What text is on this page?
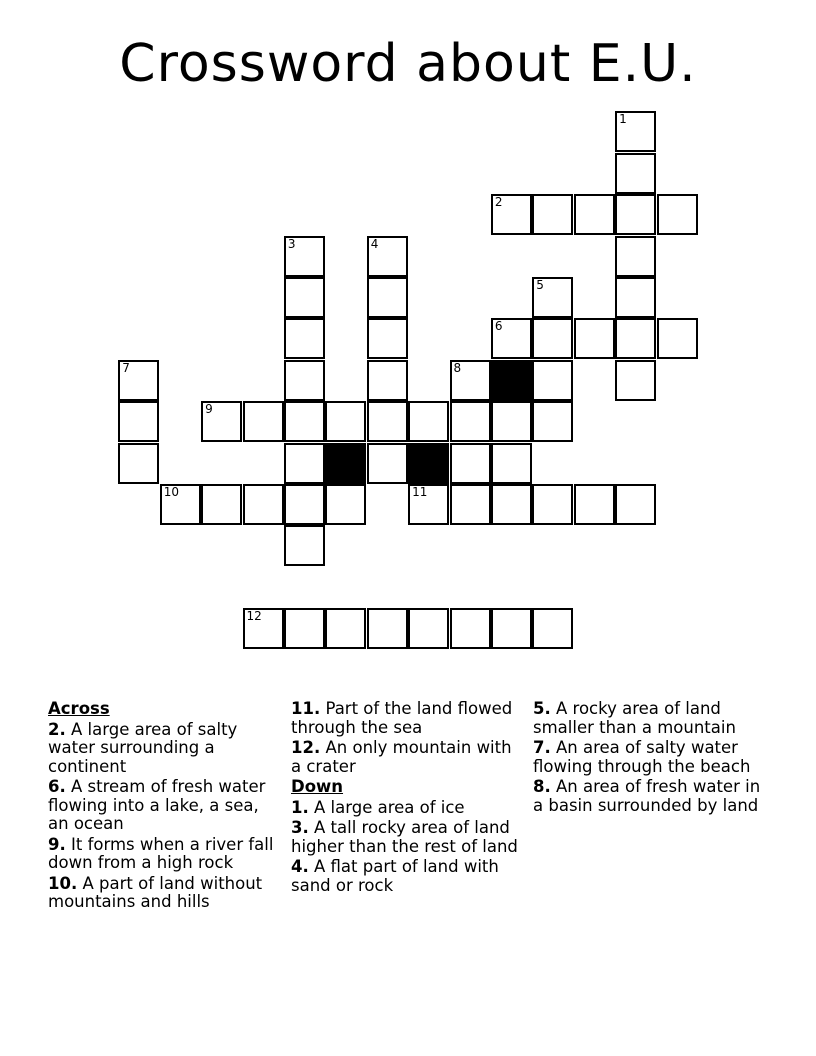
Crossword about E.U.
1
2
3	4
5
6
7	8
9
10	11
12
Across
2. A large area of salty water surrounding a continent
6. A stream of fresh water flowing into a lake, a sea, an ocean
9. It forms when a river fall down from a high rock
10. A part of land without mountains and hills
11. Part of the land flowed through the sea
12. An only mountain with a crater
Down
1. A large area of ice
3. A tall rocky area of land higher than the rest of land
4. A flat part of land with sand or rock
5. A rocky area of land smaller than a mountain
7. An area of salty water flowing through the beach
8. An area of fresh water in a basin surrounded by land
